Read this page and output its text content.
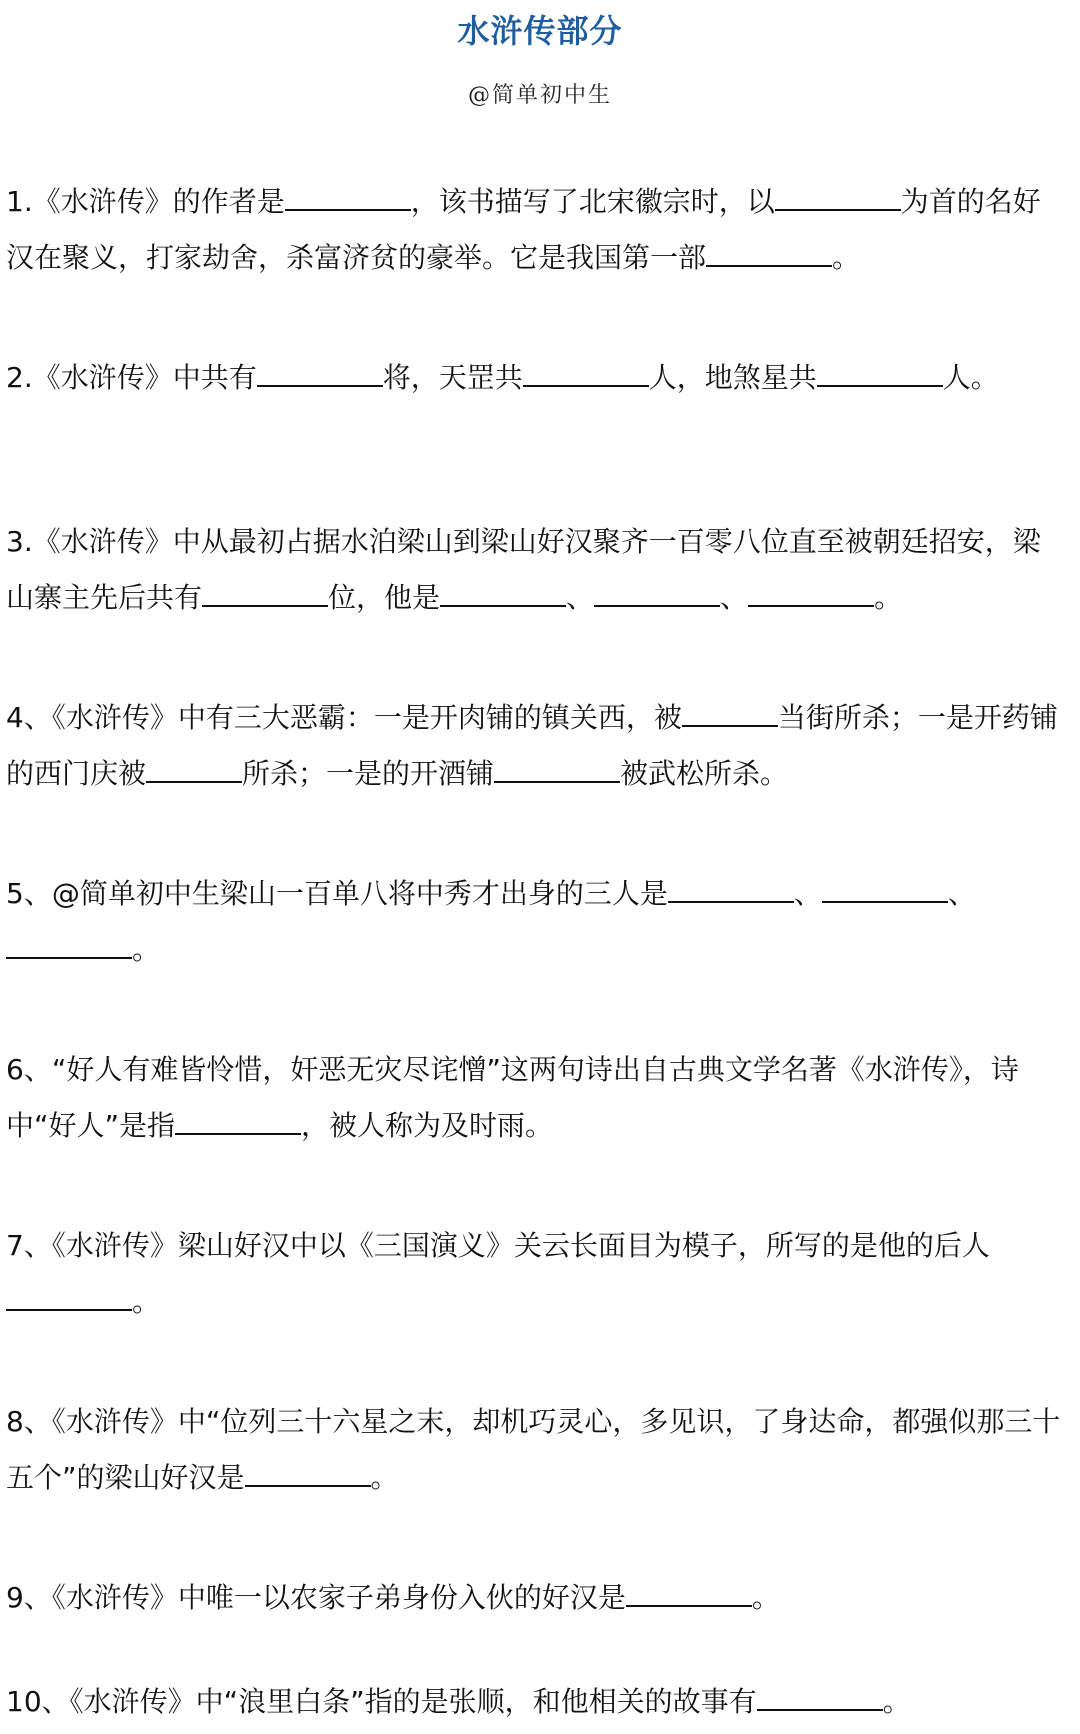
水浒传部分
@简单初中生
1.《水浒传》的作者是	，该书描写了北宋徽宗时，以	为首的名好汉在聚义，打家劫舍，杀富济贫的豪举。它是我国第一部	。
2.《水浒传》中共有	将，天罡共	人，地煞星共	人。
3.《水浒传》中从最初占据水泊梁山到梁山好汉聚齐一百零八位直至被朝廷招安，梁山寨主先后共有	位，他是	、	、	。
4、《水浒传》中有三大恶霸：一是开肉铺的镇关西，被	当街所杀；一是开药铺的西门庆被	所杀；一是的开酒铺	被武松所杀。
5、@简单初中生梁山一百单八将中秀才出身的三人是	、	、。
6、“好人有难皆怜惜，奸恶无灾尽诧憎”这两句诗出自古典文学名著《水浒传》，诗中“好人”是指	，被人称为及时雨。
7、《水浒传》梁山好汉中以《三国演义》关云长面目为模子，所写的是他的后人。
8、《水浒传》中“位列三十六星之末，却机巧灵心，多见识，了身达命，都强似那三十五个”的梁山好汉是	。
9、《水浒传》中唯一以农家子弟身份入伙的好汉是	。
10、《水浒传》中“浪里白条”指的是张顺，和他相关的故事有	。
